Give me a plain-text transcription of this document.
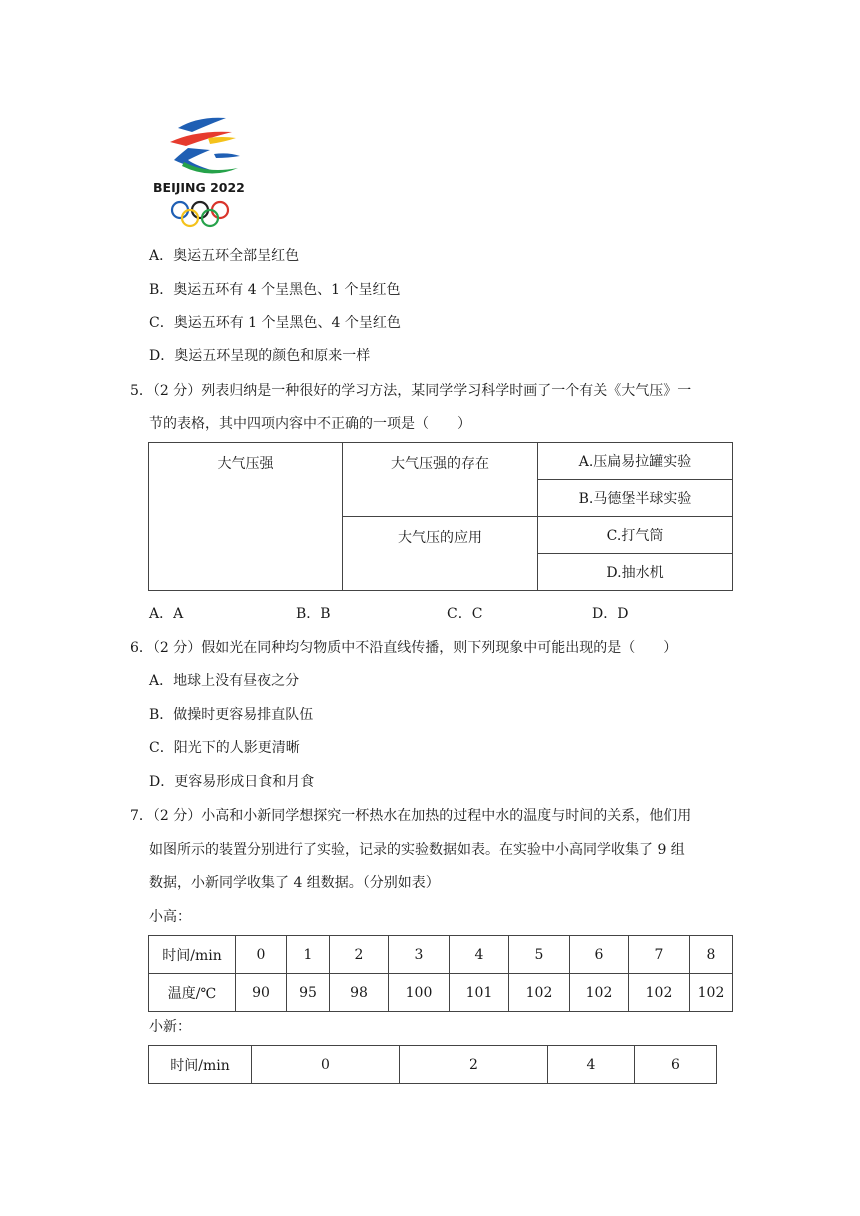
BEIJING 2022
A．奥运五环全部呈红色
B．奥运五环有 4 个呈黑色、1 个呈红色
C．奥运五环有 1 个呈黑色、4 个呈红色
D．奥运五环呈现的颜色和原来一样
5．（2 分）列表归纳是一种很好的学习方法，某同学学习科学时画了一个有关《大气压》一
节的表格，其中四项内容中不正确的一项是（　　）
大气压强	大气压强的存在	A.压扁易拉罐实验
		B.马德堡半球实验
	大气压的应用	C.打气筒
		D.抽水机
A．A	B．B	C．C	D．D
6．（2 分）假如光在同种均匀物质中不沿直线传播，则下列现象中可能出现的是（　　）
A．地球上没有昼夜之分
B．做操时更容易排直队伍
C．阳光下的人影更清晰
D．更容易形成日食和月食
7．（2 分）小高和小新同学想探究一杯热水在加热的过程中水的温度与时间的关系，他们用
如图所示的装置分别进行了实验，记录的实验数据如表。在实验中小高同学收集了 9 组
数据，小新同学收集了 4 组数据。（分别如表）
小高：
时间/min	0	1	2	3	4	5	6	7	8
温度/℃	90	95	98	100	101	102	102	102	102
小新：
时间/min	0	2	4	6
